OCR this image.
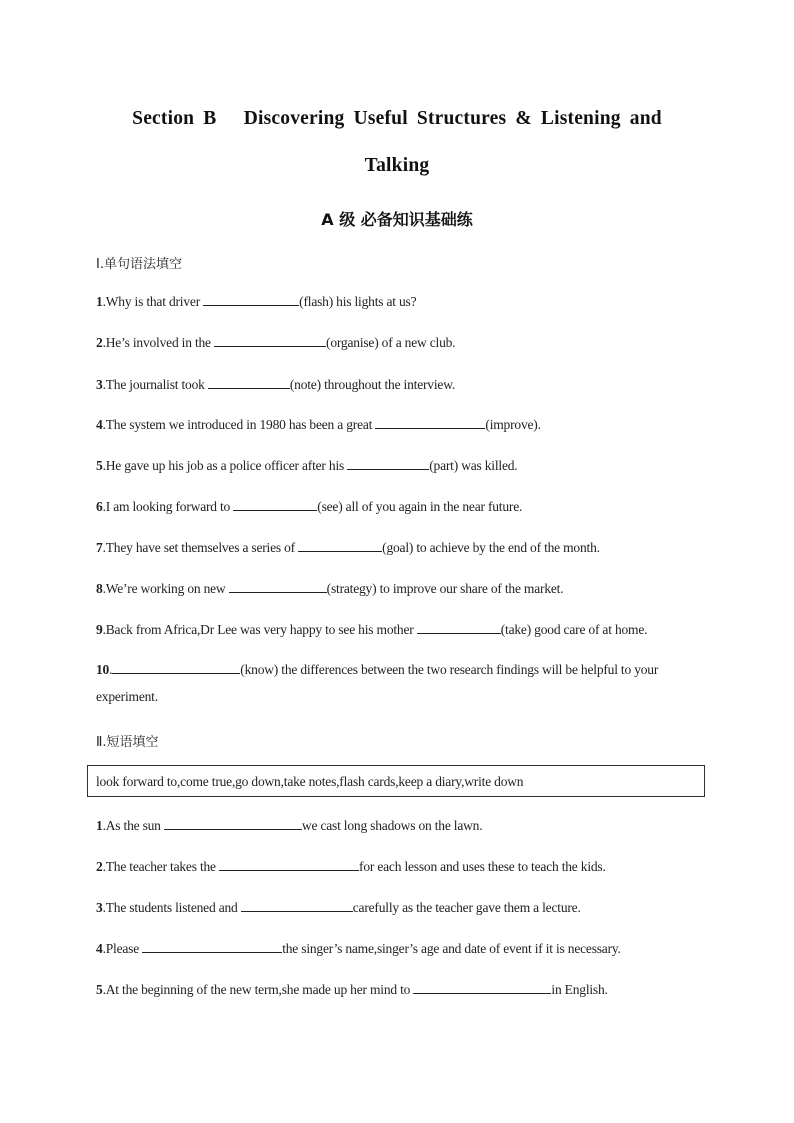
Section B   Discovering Useful Structures & Listening and
Talking
A 级 必备知识基础练
Ⅰ.单句语法填空
1.Why is that driver	(flash) his lights at us?
2.He’s involved in the	(organise) of a new club.
3.The journalist took	(note) throughout the interview.
4.The system we introduced in 1980 has been a great	(improve).
5.He gave up his job as a police officer after his	(part) was killed.
6.I am looking forward to	(see) all of you again in the near future.
7.They have set themselves a series of	(goal) to achieve by the end of the month.
8.We’re working on new	(strategy) to improve our share of the market.
9.Back from Africa,Dr Lee was very happy to see his mother	(take) good care of at home.
10.	(know) the differences between the two research findings will be helpful to your
experiment.
Ⅱ.短语填空
look forward to,come true,go down,take notes,flash cards,keep a diary,write down
1.As the sun	we cast long shadows on the lawn.
2.The teacher takes the	for each lesson and uses these to teach the kids.
3.The students listened and	carefully as the teacher gave them a lecture.
4.Please	the singer’s name,singer’s age and date of event if it is necessary.
5.At the beginning of the new term,she made up her mind to	in English.
